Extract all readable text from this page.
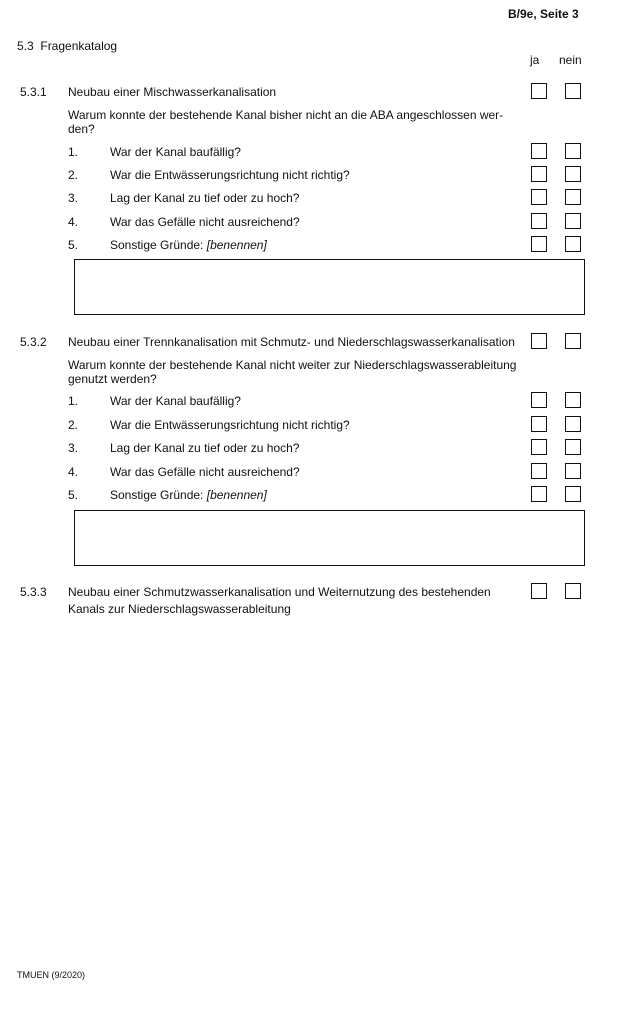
B/9e, Seite 3
5.3 Fragenkatalog
ja nein
5.3.1 Neubau einer Mischwasserkanalisation
Warum konnte der bestehende Kanal bisher nicht an die ABA angeschlossen wer-
den?
1.	War der Kanal baufällig?
2.	War die Entwässerungsrichtung nicht richtig?
3.	Lag der Kanal zu tief oder zu hoch?
4.	War das Gefälle nicht ausreichend?
5.	Sonstige Gründe: [benennen]
5.3.2 Neubau einer Trennkanalisation mit Schmutz- und Niederschlagswasserkanalisation
Warum konnte der bestehende Kanal nicht weiter zur Niederschlagswasserableitung
genutzt werden?
1.	War der Kanal baufällig?
2.	War die Entwässerungsrichtung nicht richtig?
3.	Lag der Kanal zu tief oder zu hoch?
4.	War das Gefälle nicht ausreichend?
5.	Sonstige Gründe: [benennen]
5.3.3 Neubau einer Schmutzwasserkanalisation und Weiternutzung des bestehenden
Kanals zur Niederschlagswasserableitung
TMUEN (9/2020)
